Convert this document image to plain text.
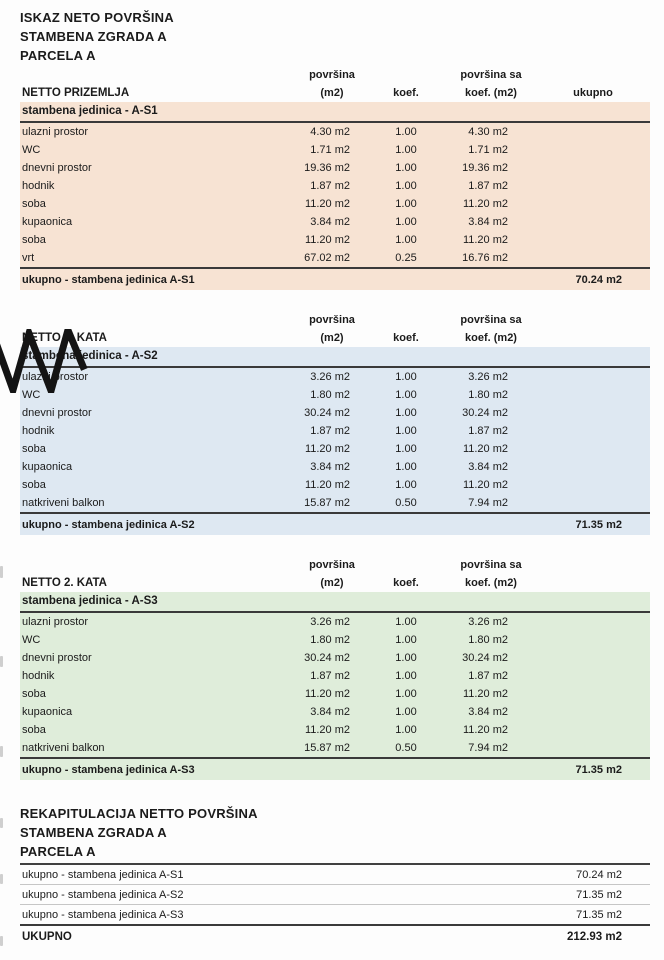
ISKAZ NETO POVRŠINA
STAMBENA ZGRADA A
PARCELA A
površina	površina sa
NETTO PRIZEMLJA	(m2)	koef.	koef. (m2)	ukupno
stambena jedinica - A-S1
ulazni prostor	4.30 m2	1.00	4.30 m2
WC	1.71 m2	1.00	1.71 m2
dnevni prostor	19.36 m2	1.00	19.36 m2
hodnik	1.87 m2	1.00	1.87 m2
soba	11.20 m2	1.00	11.20 m2
kupaonica	3.84 m2	1.00	3.84 m2
soba	11.20 m2	1.00	11.20 m2
vrt	67.02 m2	0.25	16.76 m2
ukupno - stambena jedinica A-S1	70.24 m2
površina	površina sa
NETTO 1. KATA	(m2)	koef.	koef. (m2)
stambena jedinica - A-S2
ulazni prostor	3.26 m2	1.00	3.26 m2
WC	1.80 m2	1.00	1.80 m2
dnevni prostor	30.24 m2	1.00	30.24 m2
hodnik	1.87 m2	1.00	1.87 m2
soba	11.20 m2	1.00	11.20 m2
kupaonica	3.84 m2	1.00	3.84 m2
soba	11.20 m2	1.00	11.20 m2
natkriveni balkon	15.87 m2	0.50	7.94 m2
ukupno - stambena jedinica A-S2	71.35 m2
površina	površina sa
NETTO 2. KATA	(m2)	koef.	koef. (m2)
stambena jedinica - A-S3
ulazni prostor	3.26 m2	1.00	3.26 m2
WC	1.80 m2	1.00	1.80 m2
dnevni prostor	30.24 m2	1.00	30.24 m2
hodnik	1.87 m2	1.00	1.87 m2
soba	11.20 m2	1.00	11.20 m2
kupaonica	3.84 m2	1.00	3.84 m2
soba	11.20 m2	1.00	11.20 m2
natkriveni balkon	15.87 m2	0.50	7.94 m2
ukupno - stambena jedinica A-S3	71.35 m2
REKAPITULACIJA NETTO POVRŠINA
STAMBENA ZGRADA A
PARCELA A
ukupno - stambena jedinica A-S1	70.24 m2
ukupno - stambena jedinica A-S2	71.35 m2
ukupno - stambena jedinica A-S3	71.35 m2
UKUPNO	212.93 m2
